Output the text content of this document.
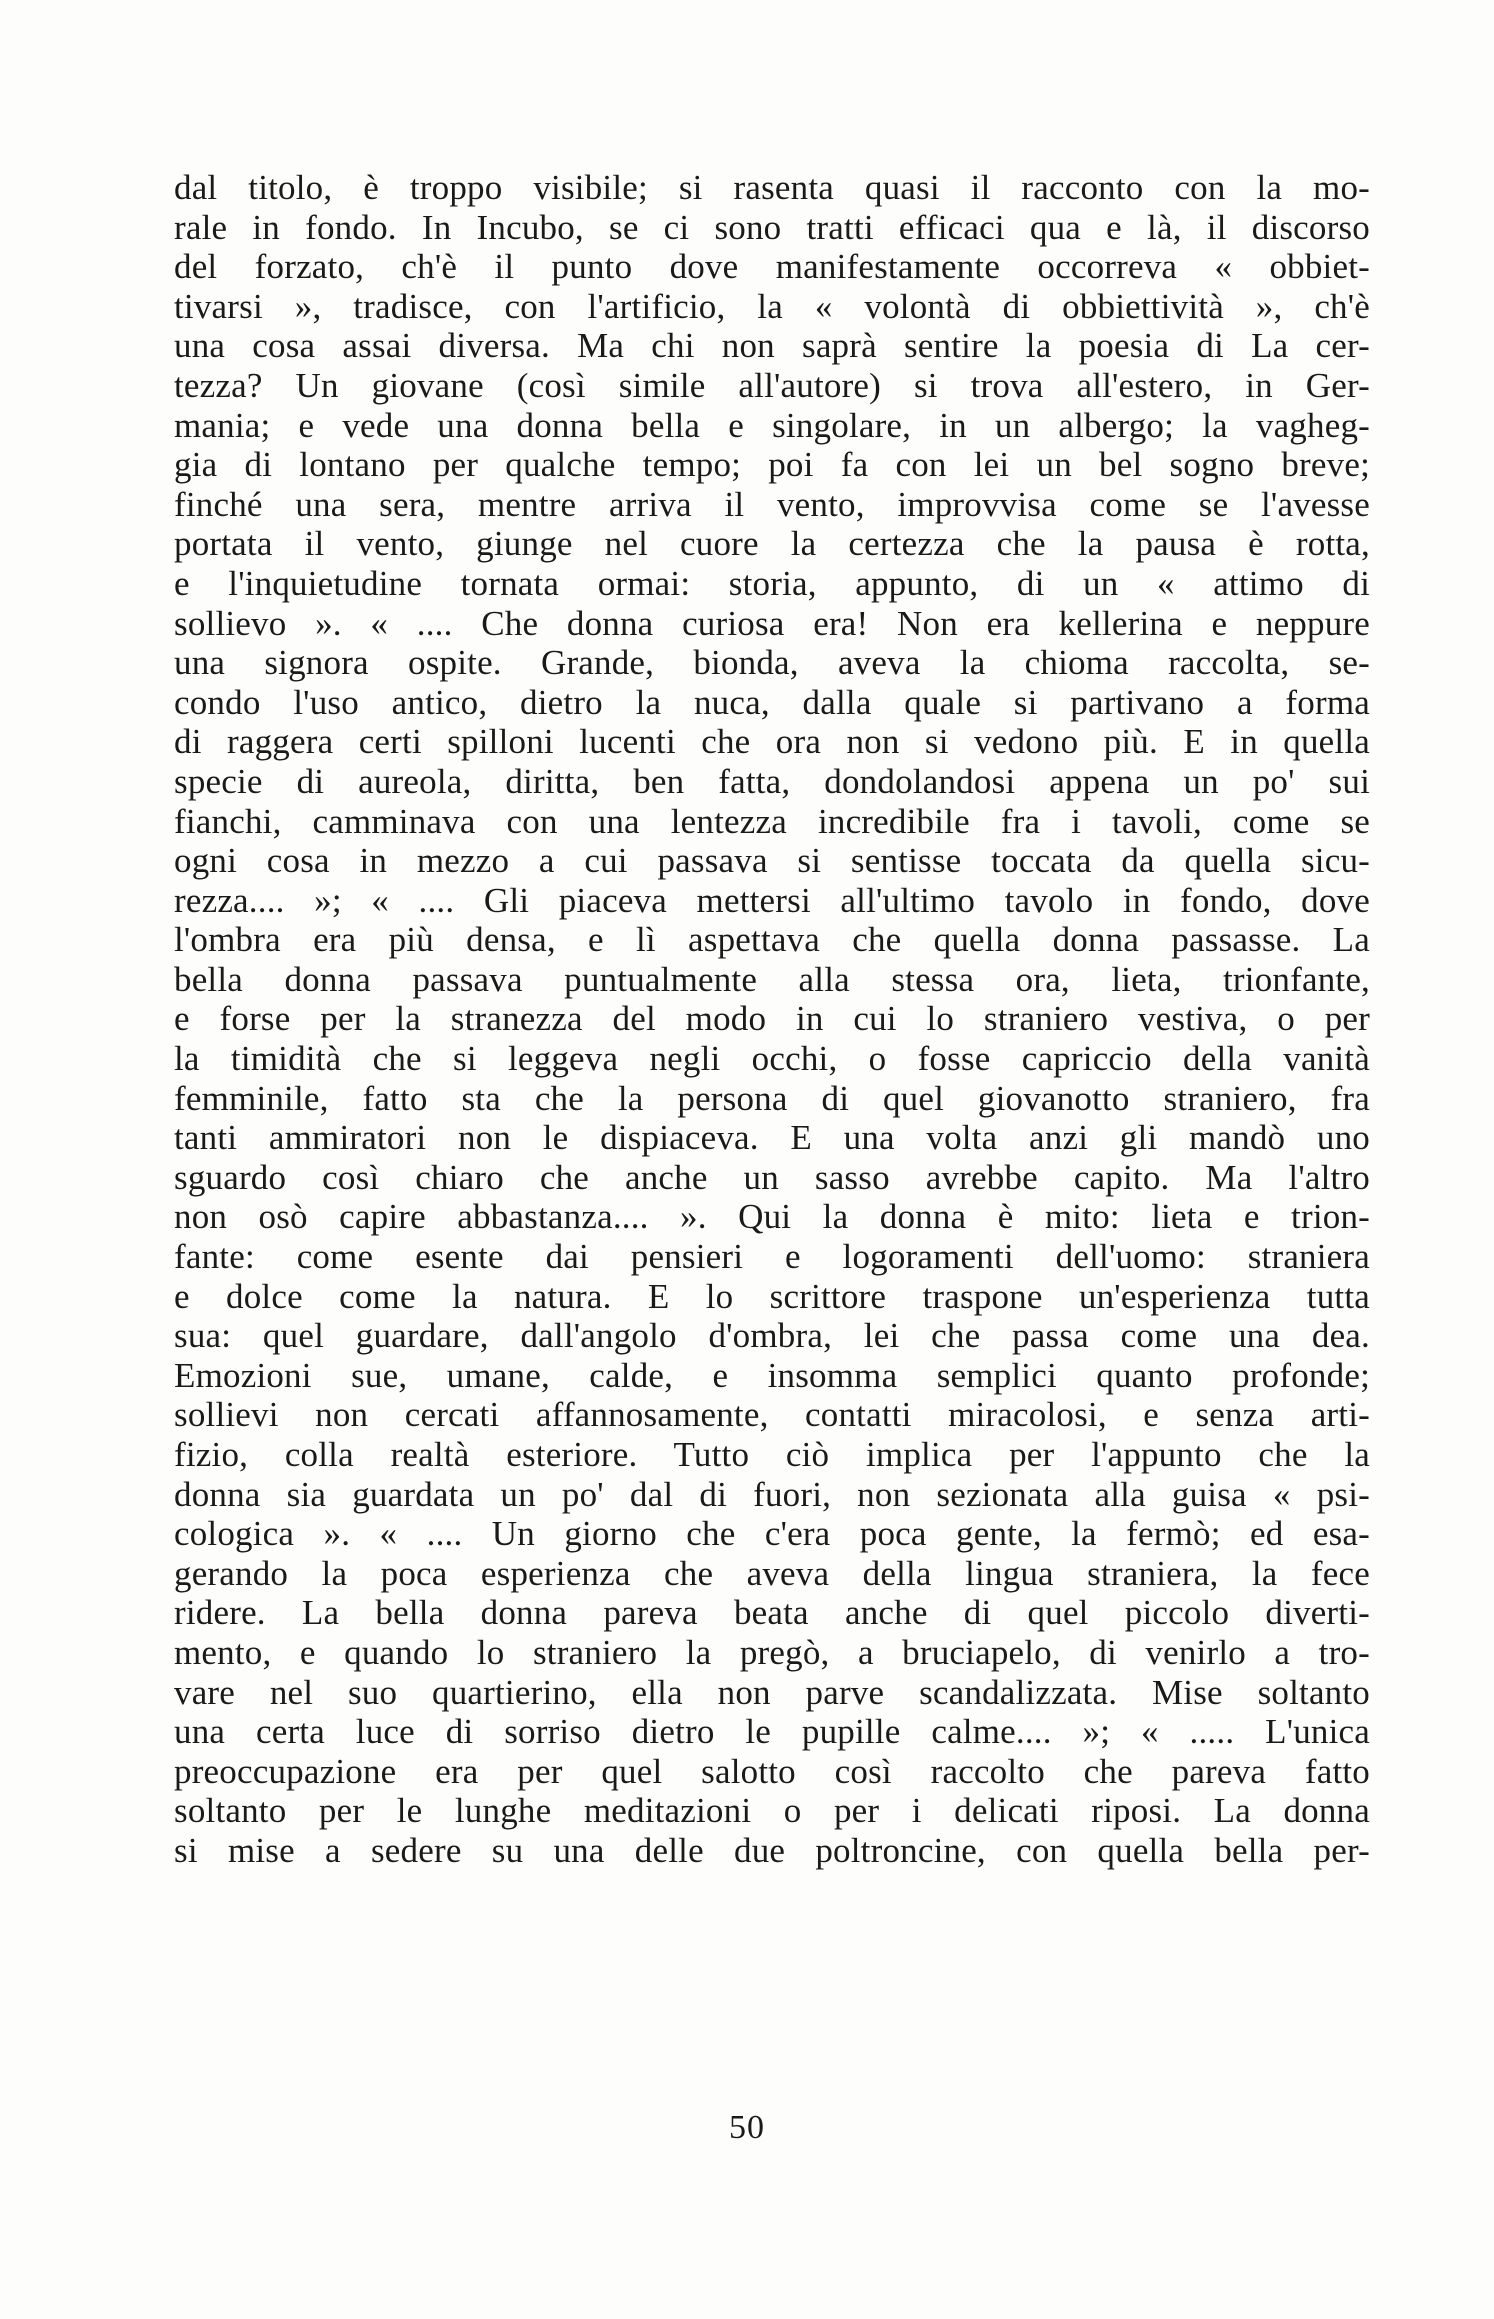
dal titolo, è troppo visibile; si rasenta quasi il racconto con la mo-
rale in fondo. In Incubo, se ci sono tratti efficaci qua e là, il discorso
del forzato, ch'è il punto dove manifestamente occorreva « obbiet-
tivarsi », tradisce, con l'artificio, la « volontà di obbiettività », ch'è
una cosa assai diversa. Ma chi non saprà sentire la poesia di La cer-
tezza? Un giovane (così simile all'autore) si trova all'estero, in Ger-
mania; e vede una donna bella e singolare, in un albergo; la vagheg-
gia di lontano per qualche tempo; poi fa con lei un bel sogno breve;
finché una sera, mentre arriva il vento, improvvisa come se l'avesse
portata il vento, giunge nel cuore la certezza che la pausa è rotta,
e l'inquietudine tornata ormai: storia, appunto, di un « attimo di
sollievo ». « .... Che donna curiosa era! Non era kellerina e neppure
una signora ospite. Grande, bionda, aveva la chioma raccolta, se-
condo l'uso antico, dietro la nuca, dalla quale si partivano a forma
di raggera certi spilloni lucenti che ora non si vedono più. E in quella
specie di aureola, diritta, ben fatta, dondolandosi appena un po' sui
fianchi, camminava con una lentezza incredibile fra i tavoli, come se
ogni cosa in mezzo a cui passava si sentisse toccata da quella sicu-
rezza.... »; « .... Gli piaceva mettersi all'ultimo tavolo in fondo, dove
l'ombra era più densa, e lì aspettava che quella donna passasse. La
bella donna passava puntualmente alla stessa ora, lieta, trionfante,
e forse per la stranezza del modo in cui lo straniero vestiva, o per
la timidità che si leggeva negli occhi, o fosse capriccio della vanità
femminile, fatto sta che la persona di quel giovanotto straniero, fra
tanti ammiratori non le dispiaceva. E una volta anzi gli mandò uno
sguardo così chiaro che anche un sasso avrebbe capito. Ma l'altro
non osò capire abbastanza.... ». Qui la donna è mito: lieta e trion-
fante: come esente dai pensieri e logoramenti dell'uomo: straniera
e dolce come la natura. E lo scrittore traspone un'esperienza tutta
sua: quel guardare, dall'angolo d'ombra, lei che passa come una dea.
Emozioni sue, umane, calde, e insomma semplici quanto profonde;
sollievi non cercati affannosamente, contatti miracolosi, e senza arti-
fizio, colla realtà esteriore. Tutto ciò implica per l'appunto che la
donna sia guardata un po' dal di fuori, non sezionata alla guisa « psi-
cologica ». « .... Un giorno che c'era poca gente, la fermò; ed esa-
gerando la poca esperienza che aveva della lingua straniera, la fece
ridere. La bella donna pareva beata anche di quel piccolo diverti-
mento, e quando lo straniero la pregò, a bruciapelo, di venirlo a tro-
vare nel suo quartierino, ella non parve scandalizzata. Mise soltanto
una certa luce di sorriso dietro le pupille calme.... »; « ..... L'unica
preoccupazione era per quel salotto così raccolto che pareva fatto
soltanto per le lunghe meditazioni o per i delicati riposi. La donna
si mise a sedere su una delle due poltroncine, con quella bella per-
50
